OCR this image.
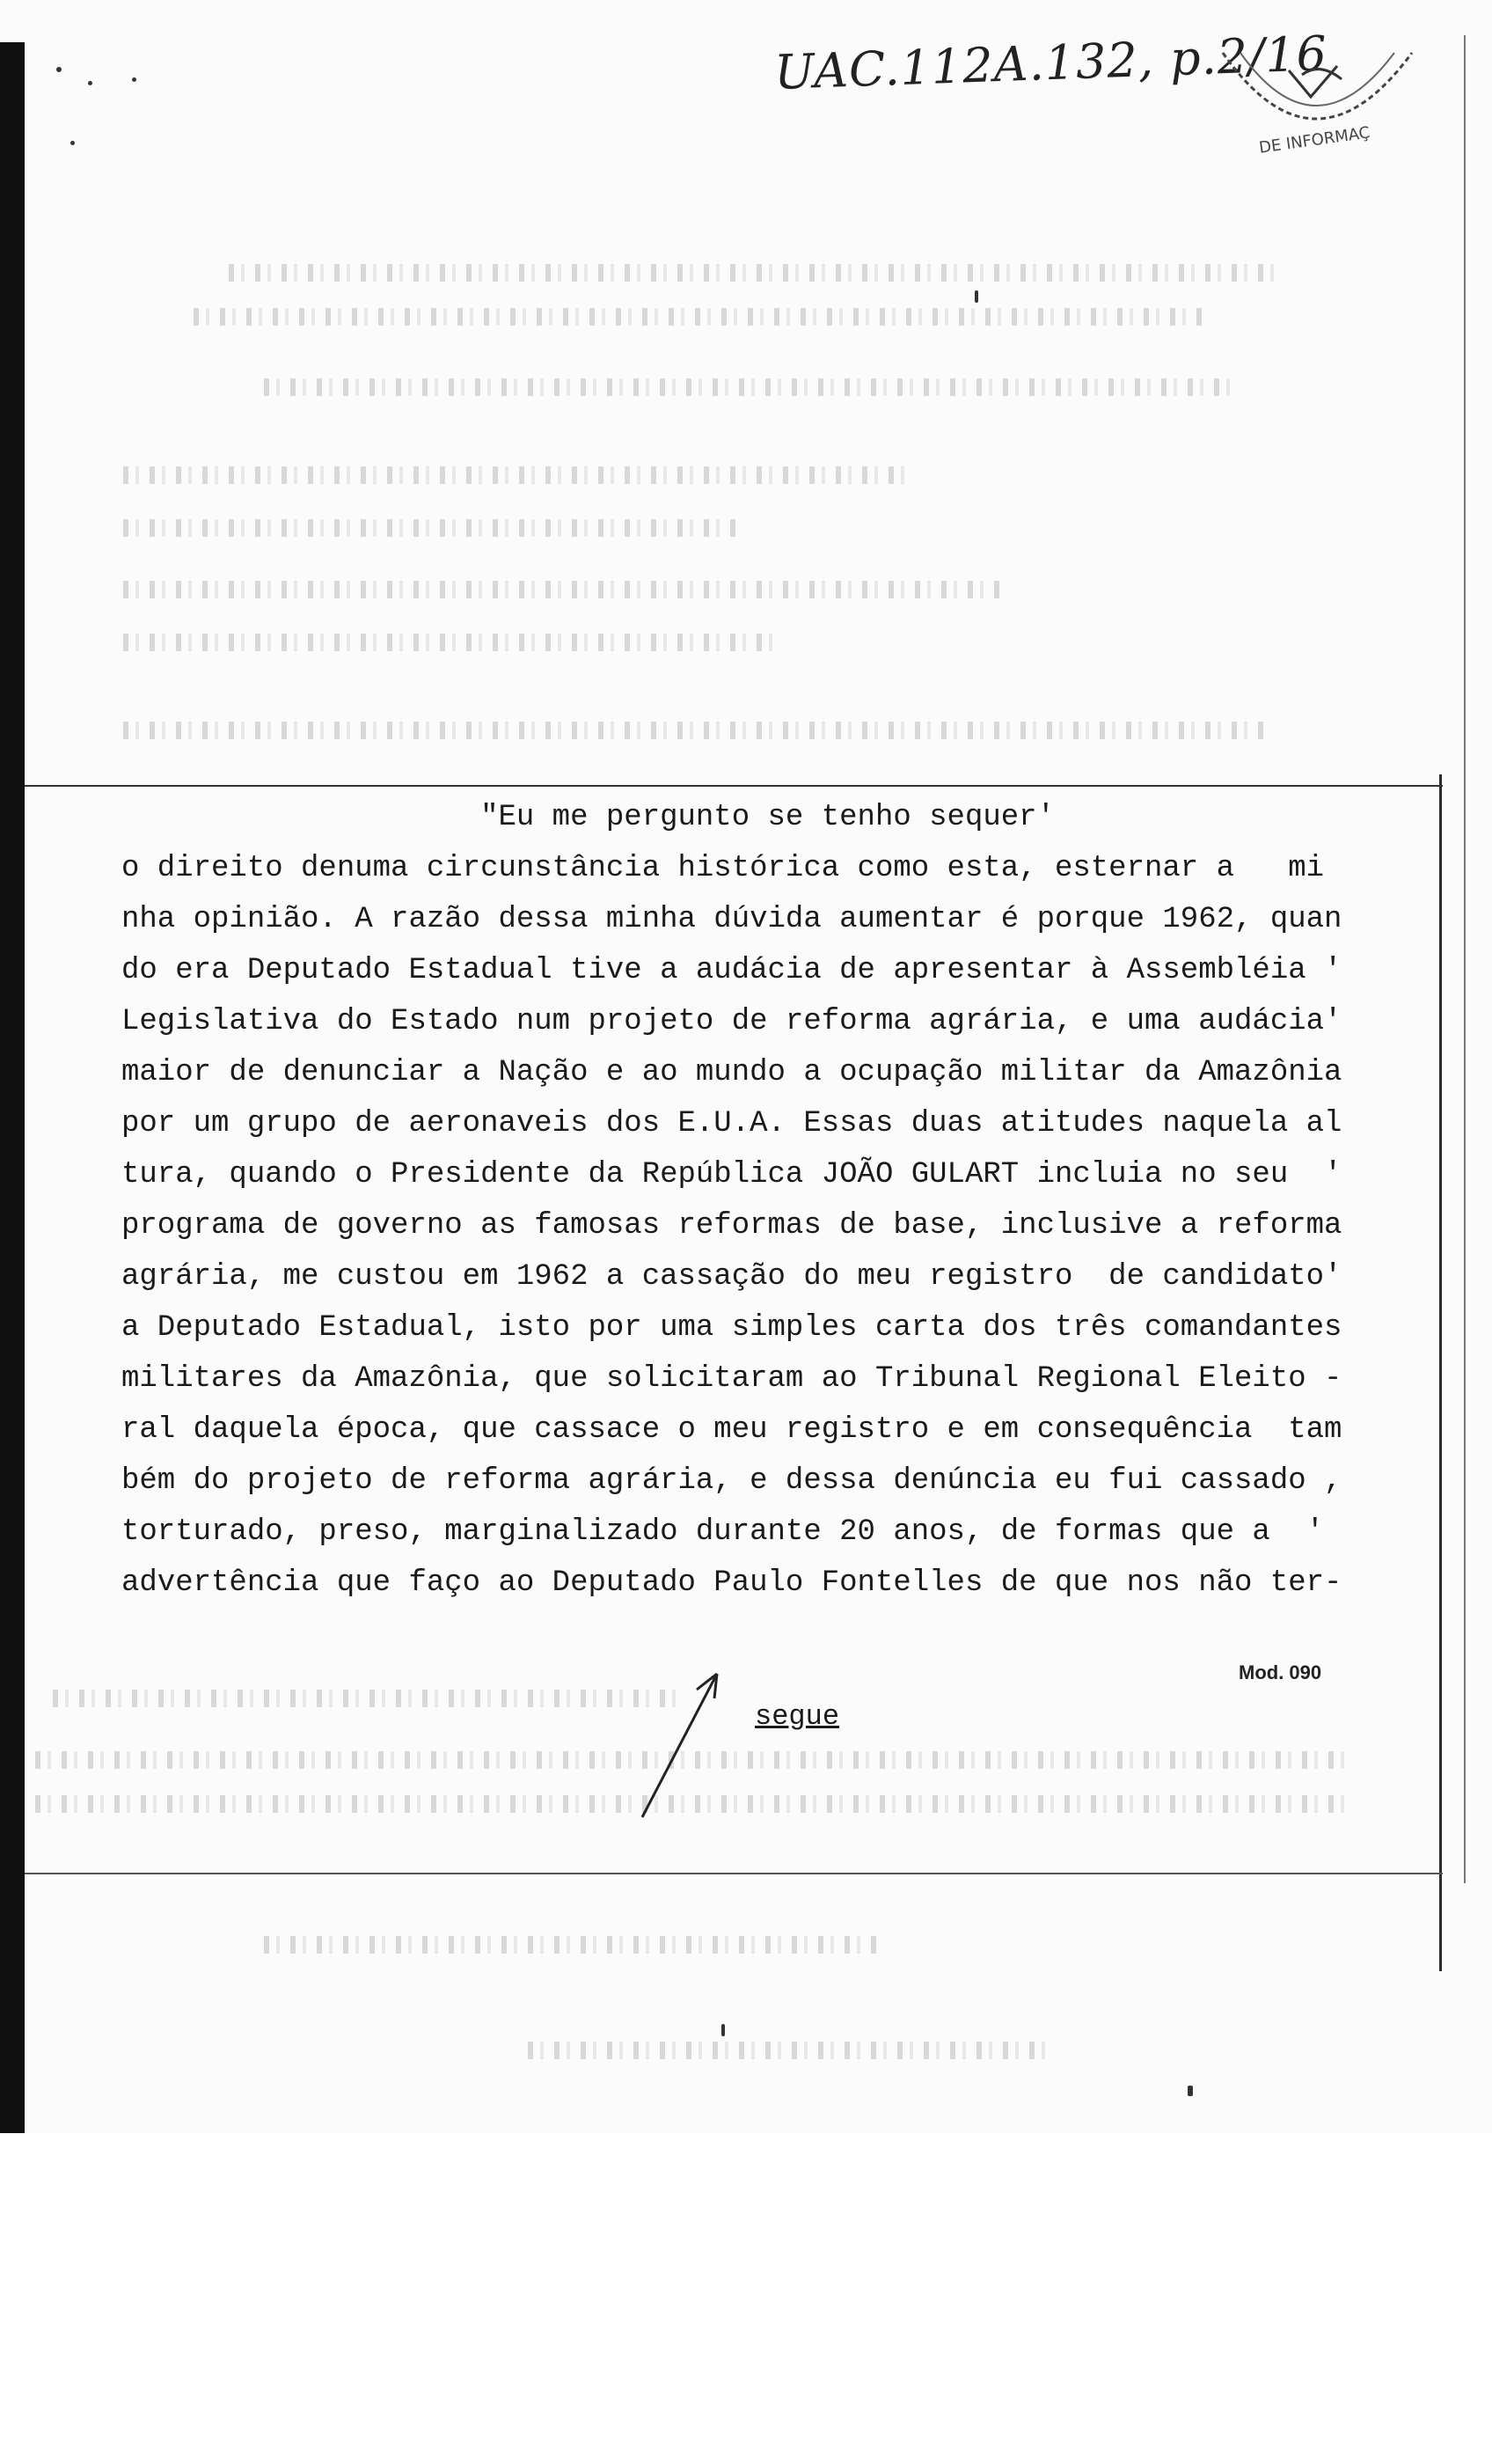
UAC.112A.132, p.2/16
DE INFORMAÇ
"Eu me pergunto se tenho sequer'
o direito denuma circunstância histórica como esta, esternar a   mi
nha opinião. A razão dessa minha dúvida aumentar é porque 1962, quan
do era Deputado Estadual tive a audácia de apresentar à Assembléia '
Legislativa do Estado num projeto de reforma agrária, e uma audácia'
maior de denunciar a Nação e ao mundo a ocupação militar da Amazônia
por um grupo de aeronaveis dos E.U.A. Essas duas atitudes naquela al
tura, quando o Presidente da República JOÃO GULART incluia no seu  '
programa de governo as famosas reformas de base, inclusive a reforma
agrária, me custou em 1962 a cassação do meu registro  de candidato'
a Deputado Estadual, isto por uma simples carta dos três comandantes
militares da Amazônia, que solicitaram ao Tribunal Regional Eleito -
ral daquela época, que cassace o meu registro e em consequência  tam
bém do projeto de reforma agrária, e dessa denúncia eu fui cassado ,
torturado, preso, marginalizado durante 20 anos, de formas que a  '
advertência que faço ao Deputado Paulo Fontelles de que nos não ter-
Mod. 090
segue
